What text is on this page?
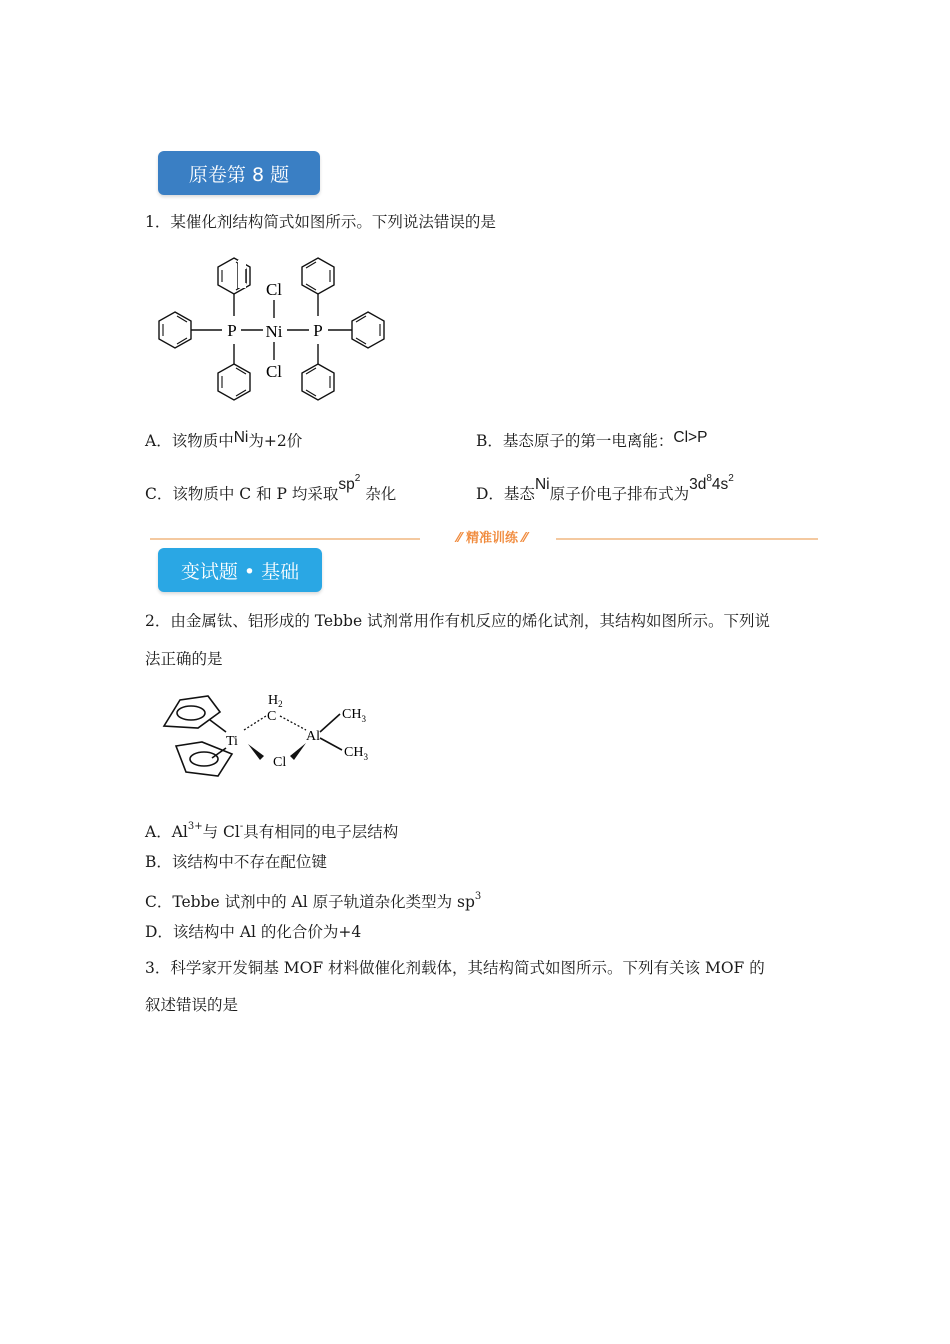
原卷第 8 题
1．某催化剂结构简式如图所示。下列说法错误的是
Cl
Ni
Cl
P	P
A．该物质中Ni为+2价	B．基态原子的第一电离能：Cl>P
C．该物质中 C 和 P 均采取$sp^2$ 杂化	D．基态Ni原子价电子排布式为$3d^84s^2$
⁄⁄ 精准训练 ⁄⁄
变试题 • 基础
2．由金属钛、铝形成的 Tebbe 试剂常用作有机反应的烯化试剂，其结构如图所示。下列说
法正确的是
$H_2$
C
Ti	Al
Cl
$CH_3$
$CH_3$
A．$Al^{3+}$与 Cl-具有相同的电子层结构
B．该结构中不存在配位键
C．Tebbe 试剂中的 Al 原子轨道杂化类型为 $sp^3$
D．该结构中 Al 的化合价为+4
3．科学家开发铜基 MOF 材料做催化剂载体，其结构简式如图所示。下列有关该 MOF 的
叙述错误的是
